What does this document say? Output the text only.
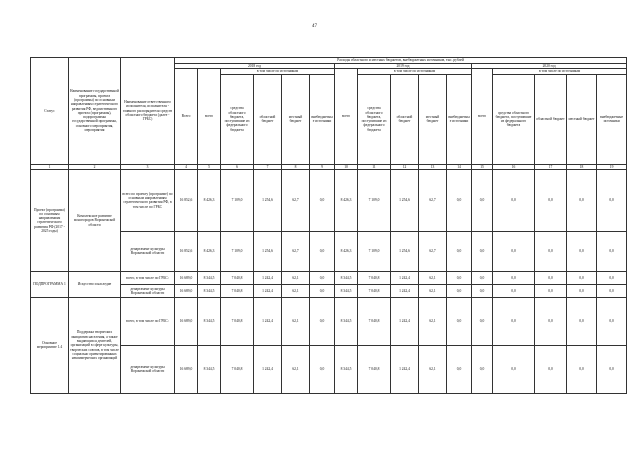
47
Статус	Наименование государственной программы, проекта (программы) по основным направлениям стратегического развития РФ, ведомственного проекта (программы), подпрограммы государственной программы, основного мероприятия, мероприятия	Наименование ответственного исполнителя, исполнителя - главного распорядителя средств областного бюджета (далее - ГРБС)	Расходы областного и местных бюджетов, внебюджетных источников, тыс. рублей															
			2018 год						2019 год					2020 год				
			Всего	всего	в том числе по источникам				всего	в том числе по источникам				всего	в том числе по источникам			
					средства областного бюджета, поступившие из федерального бюджета	областной бюджет	местный бюджет	внебюджетные источники		средства областного бюджета, поступившие из федерального бюджета	областной бюджет	местный бюджет	внебюджетные источники		средства областного бюджета, поступившие из федерального бюджета	областной бюджет	местный бюджет	внебюджетные источники
1	2	3	4	5	6	7	8	9	10	11	12	13	14	15	16	17	18	19
Проект (программа) по основным направлениям стратегического развития РФ (2017 - 2025 годы)	Комплексное развитие моногородов Воронежской области	всего по проекту (программе) по основным направлениям стратегического развития РФ, в том числе по ГРБС	16 852,6	8 426,3	7 109,0	1 254,6	62,7	0,0	8 426,3	7 109,0	1 254,6	62,7	0,0	0,0	0,0	0,0	0,0	0,0
		департамент культуры Воронежской области	16 852,6	8 426,3	7 109,0	1 254,6	62,7	0,0	8 426,3	7 109,0	1 254,6	62,7	0,0	0,0	0,0	0,0	0,0	0,0
ПОДПРОГРАММА 1	Искусство и наследие	всего, в том числе по ГРБС:	16 689,0	8 344,5	7 040,8	1 242,4	62,1	0,0	8 344,5	7 040,8	1 242,4	62,1	0,0	0,0	0,0	0,0	0,0	0,0
		департамент культуры Воронежской области	16 689,0	8 344,5	7 040,8	1 242,4	62,1	0,0	8 344,5	7 040,8	1 242,4	62,1	0,0	0,0	0,0	0,0	0,0	0,0
Основное мероприятие 1.4	Поддержка творческих инициатив населения, а также выдающихся деятелей, организаций в сфере культуры, творческих союзов, в том числе социально ориентированных некоммерческих организаций	всего, в том числе по ГРБС:	16 689,0	8 344,5	7 040,8	1 242,4	62,1	0,0	8 344,5	7 040,8	1 242,4	62,1	0,0	0,0	0,0	0,0	0,0	0,0
		департамент культуры Воронежской области	16 689,0	8 344,5	7 040,8	1 242,4	62,1	0,0	8 344,5	7 040,8	1 242,4	62,1	0,0	0,0	0,0	0,0	0,0	0,0
